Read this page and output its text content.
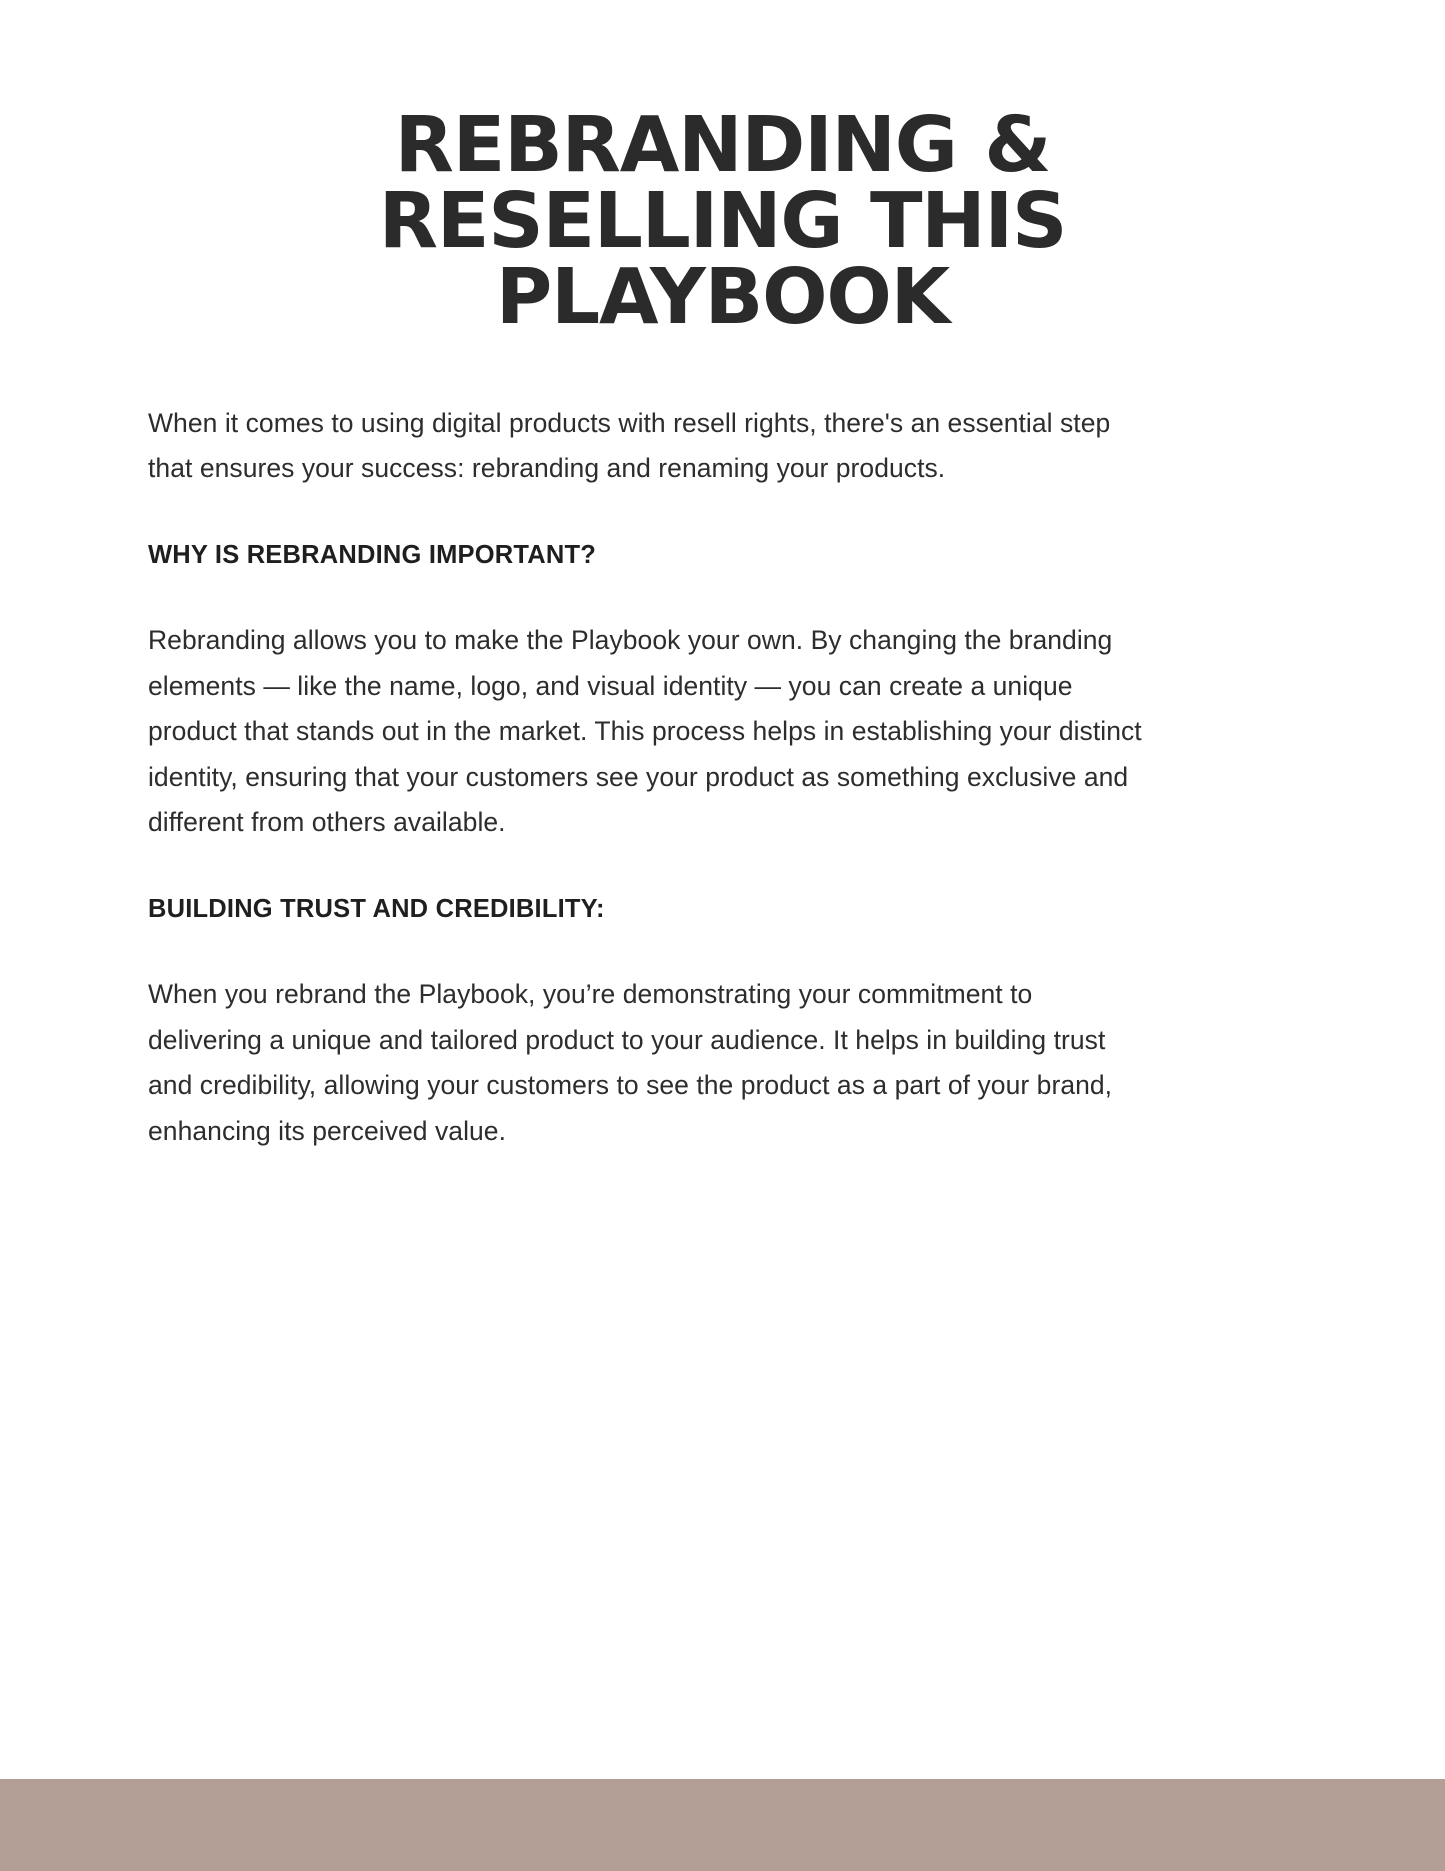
REBRANDING & RESELLING THIS PLAYBOOK

When it comes to using digital products with resell rights, there's an essential step that ensures your success: rebranding and renaming your products.

WHY IS REBRANDING IMPORTANT?

Rebranding allows you to make the Playbook your own. By changing the branding elements — like the name, logo, and visual identity — you can create a unique product that stands out in the market. This process helps in establishing your distinct identity, ensuring that your customers see your product as something exclusive and different from others available.

BUILDING TRUST AND CREDIBILITY:

When you rebrand the Playbook, you’re demonstrating your commitment to delivering a unique and tailored product to your audience. It helps in building trust and credibility, allowing your customers to see the product as a part of your brand, enhancing its perceived value.
